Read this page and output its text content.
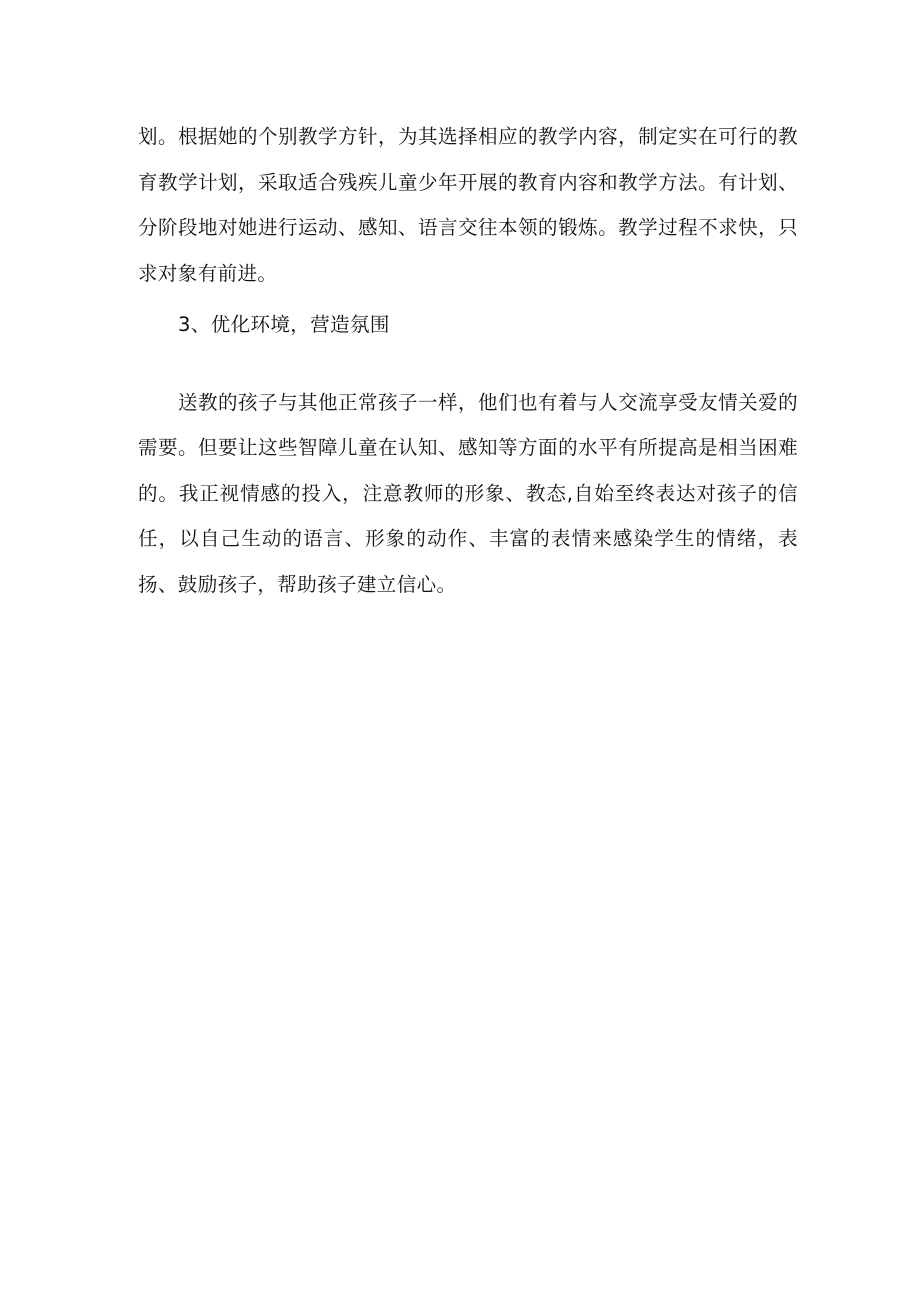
划。根据她的个别教学方针，为其选择相应的教学内容，制定实在可行的教育教学计划，采取适合残疾儿童少年开展的教育内容和教学方法。有计划、分阶段地对她进行运动、感知、语言交往本领的锻炼。教学过程不求快，只求对象有前进。

3、优化环境，营造氛围

送教的孩子与其他正常孩子一样，他们也有着与人交流享受友情关爱的需要。但要让这些智障儿童在认知、感知等方面的水平有所提高是相当困难的。我正视情感的投入，注意教师的形象、教态,自始至终表达对孩子的信任，以自己生动的语言、形象的动作、丰富的表情来感染学生的情绪，表扬、鼓励孩子，帮助孩子建立信心。
